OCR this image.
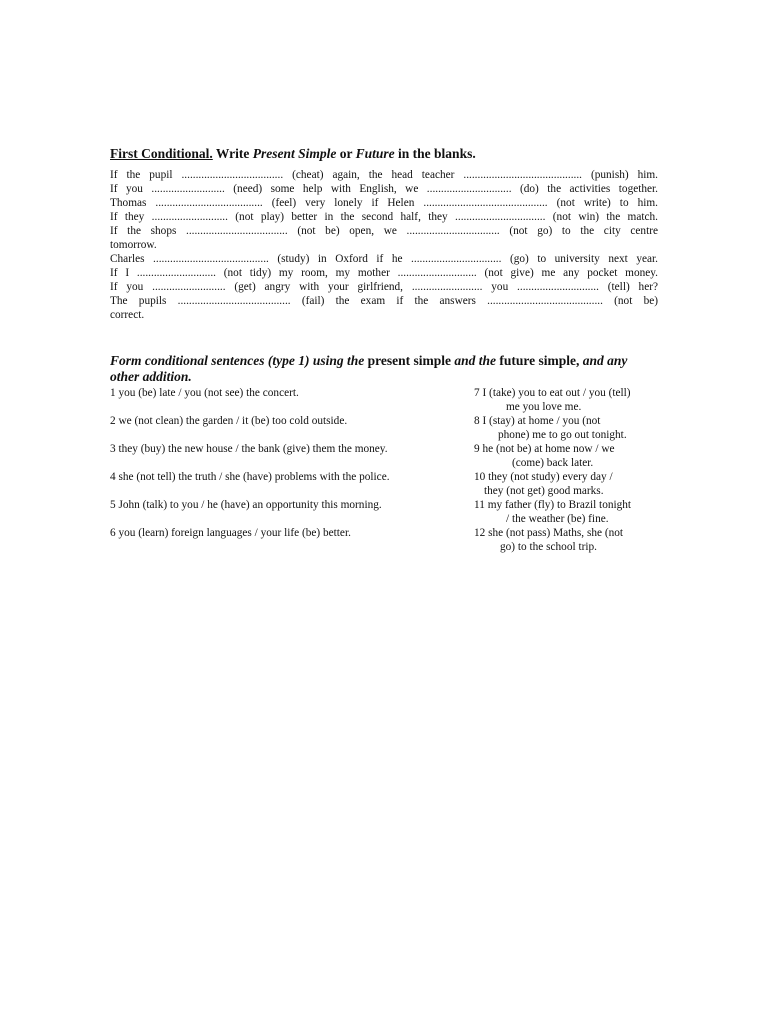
First Conditional. Write Present Simple or Future in the blanks.
If the pupil .................................... (cheat) again, the head teacher .......................................... (punish) him.
If you .......................... (need) some help with English, we .............................. (do) the activities together.
Thomas ...................................... (feel) very lonely if Helen ............................................ (not write) to him.
If they ........................... (not play) better in the second half, they ................................ (not win) the match.
If the shops .................................... (not be) open, we ................................. (not go) to the city centre
tomorrow.
Charles ......................................... (study) in Oxford if he ................................ (go) to university next year.
If I ............................ (not tidy) my room, my mother ............................ (not give) me any pocket money.
If you .......................... (get) angry with your girlfriend, ......................... you ............................. (tell) her?
The pupils ........................................ (fail) the exam if the answers ......................................... (not be)
correct.
Form conditional sentences (type 1) using the present simple and the future simple, and any other addition.
1 you (be) late / you (not see) the concert.
2 we (not clean) the garden / it (be) too cold outside.
3 they (buy) the new house / the bank (give) them the money.
4 she (not tell) the truth / she (have) problems with the police.
5 John (talk) to you / he (have) an opportunity this morning.
6 you (learn) foreign languages / your life (be) better.
7 I (take) you to eat out / you (tell)
me you love me.
8 I (stay) at home / you (not
phone) me to go out tonight.
9 he (not be) at home now / we
(come) back later.
10 they (not study) every day /
they (not get) good marks.
11 my father (fly) to Brazil tonight
/ the weather (be) fine.
12 she (not pass) Maths, she (not
go) to the school trip.
